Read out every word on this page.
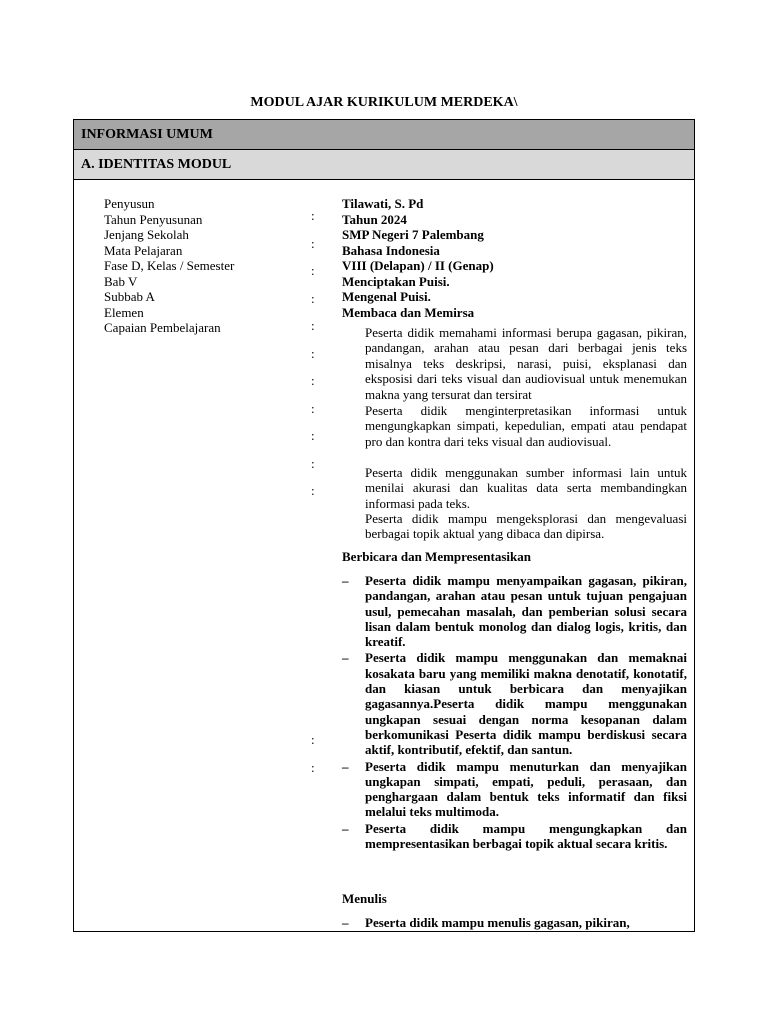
MODUL AJAR KURIKULUM MERDEKA\
INFORMASI UMUM
A. IDENTITAS MODUL
Penyusun
Tahun Penyusunan
Jenjang Sekolah
Mata Pelajaran
Fase D, Kelas / Semester
Bab V
Subbab A
Elemen
Capaian Pembelajaran
:
:
:
:
:
:
:
:
:
:
:
:
:
Tilawati, S. Pd
Tahun 2024
SMP Negeri 7 Palembang
Bahasa Indonesia
VIII (Delapan) / II (Genap)
Menciptakan Puisi.
Mengenal Puisi.
Membaca dan Memirsa

Peserta didik memahami informasi berupa gagasan, pikiran, pandangan, arahan atau pesan dari berbagai jenis teks misalnya teks deskripsi, narasi, puisi, eksplanasi dan eksposisi dari teks visual dan audiovisual untuk menemukan makna yang tersurat dan tersirat

Peserta didik menginterpretasikan informasi untuk mengungkapkan simpati, kepedulian, empati atau pendapat pro dan kontra dari teks visual dan audiovisual.

Peserta didik menggunakan sumber informasi lain untuk menilai akurasi dan kualitas data serta membandingkan informasi pada teks.

Peserta didik mampu mengeksplorasi dan mengevaluasi berbagai topik aktual yang dibaca dan dipirsa.

Berbicara dan Mempresentasikan
– Peserta didik mampu menyampaikan gagasan, pikiran, pandangan, arahan atau pesan untuk tujuan pengajuan usul, pemecahan masalah, dan pemberian solusi secara lisan dalam bentuk monolog dan dialog logis, kritis, dan kreatif.
– Peserta didik mampu menggunakan dan memaknai kosakata baru yang memiliki makna denotatif, konotatif, dan kiasan untuk berbicara dan menyajikan gagasannya.Peserta didik mampu menggunakan ungkapan sesuai dengan norma kesopanan dalam berkomunikasi Peserta didik mampu berdiskusi secara aktif, kontributif, efektif, dan santun.
– Peserta didik mampu menuturkan dan menyajikan ungkapan simpati, empati, peduli, perasaan, dan penghargaan dalam bentuk teks informatif dan fiksi melalui teks multimoda.
– Peserta didik mampu mengungkapkan dan mempresentasikan berbagai topik aktual secara kritis.
Menulis
– Peserta didik mampu menulis gagasan, pikiran,
